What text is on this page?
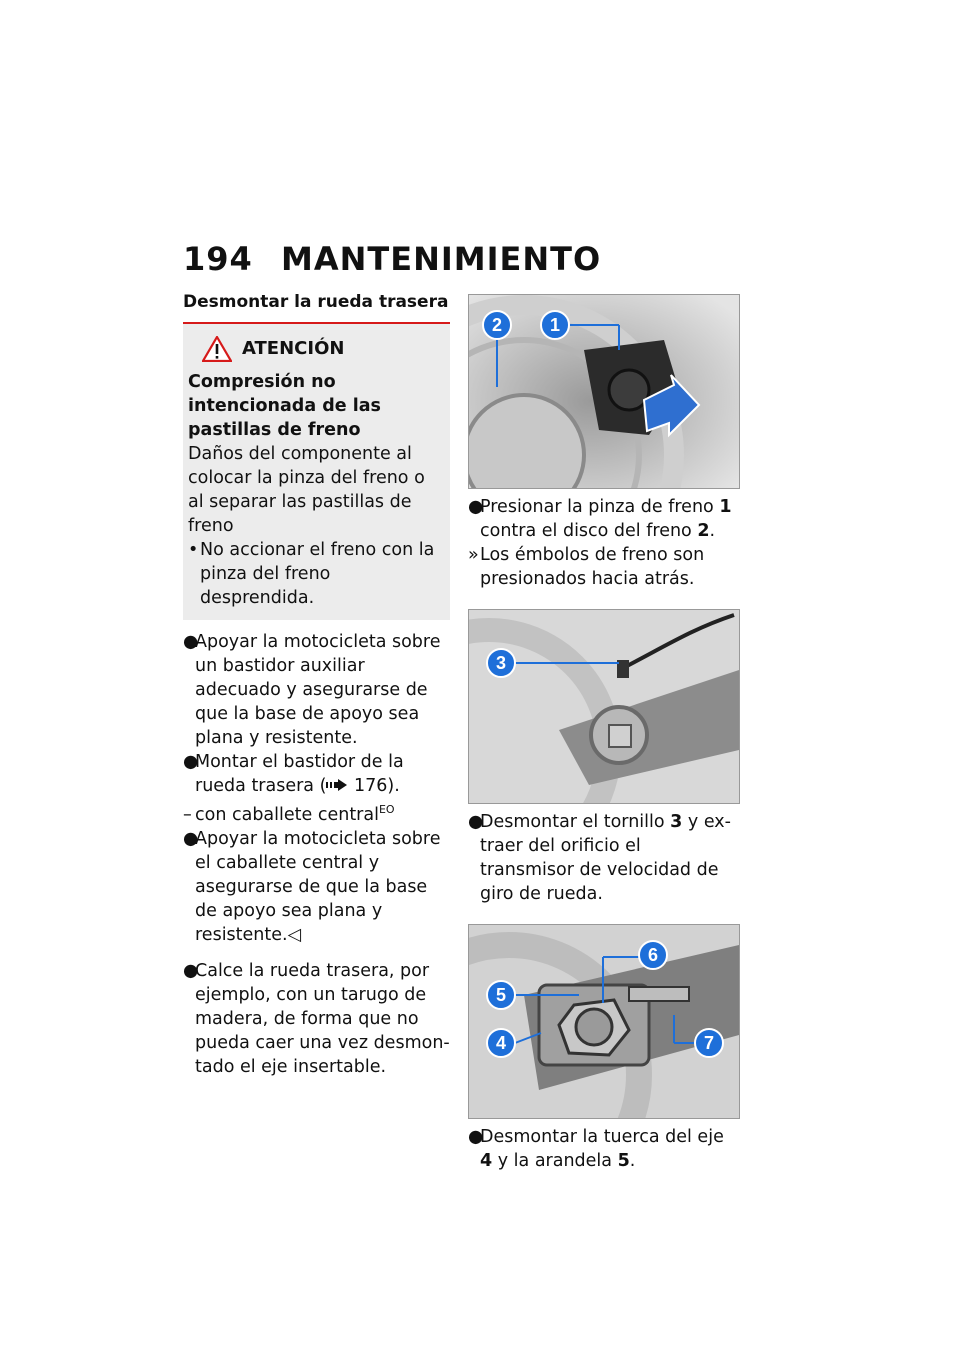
194 MANTENIMIENTO
Desmontar la rueda trasera
ATENCIÓN
Compresión no intencionada de las pastillas de freno
Daños del componente al colocar la pinza del freno o al separar las pastillas de freno
•No accionar el freno con la pinza del freno desprendida.
●Apoyar la motocicleta sobre un bastidor auxiliar adecuado y asegurarse de que la base de apoyo sea plana y resistente.
●Montar el bastidor de la rueda trasera ( 176).
– con caballete central$^{EO}$
●Apoyar la motocicleta sobre el caballete central y asegurarse de que la base de apoyo sea plana y resistente.◁
●Calce la rueda trasera, por ejemplo, con un tarugo de madera, de forma que no pueda caer una vez desmontado el eje insertable.
2	1
●Presionar la pinza de freno 1 contra el disco del freno 2.
»Los émbolos de freno son presionados hacia atrás.
3
●Desmontar el tornillo 3 y extraer del orificio el transmisor de velocidad de giro de rueda.
6
5
4	7
●Desmontar la tuerca del eje 4 y la arandela 5.
